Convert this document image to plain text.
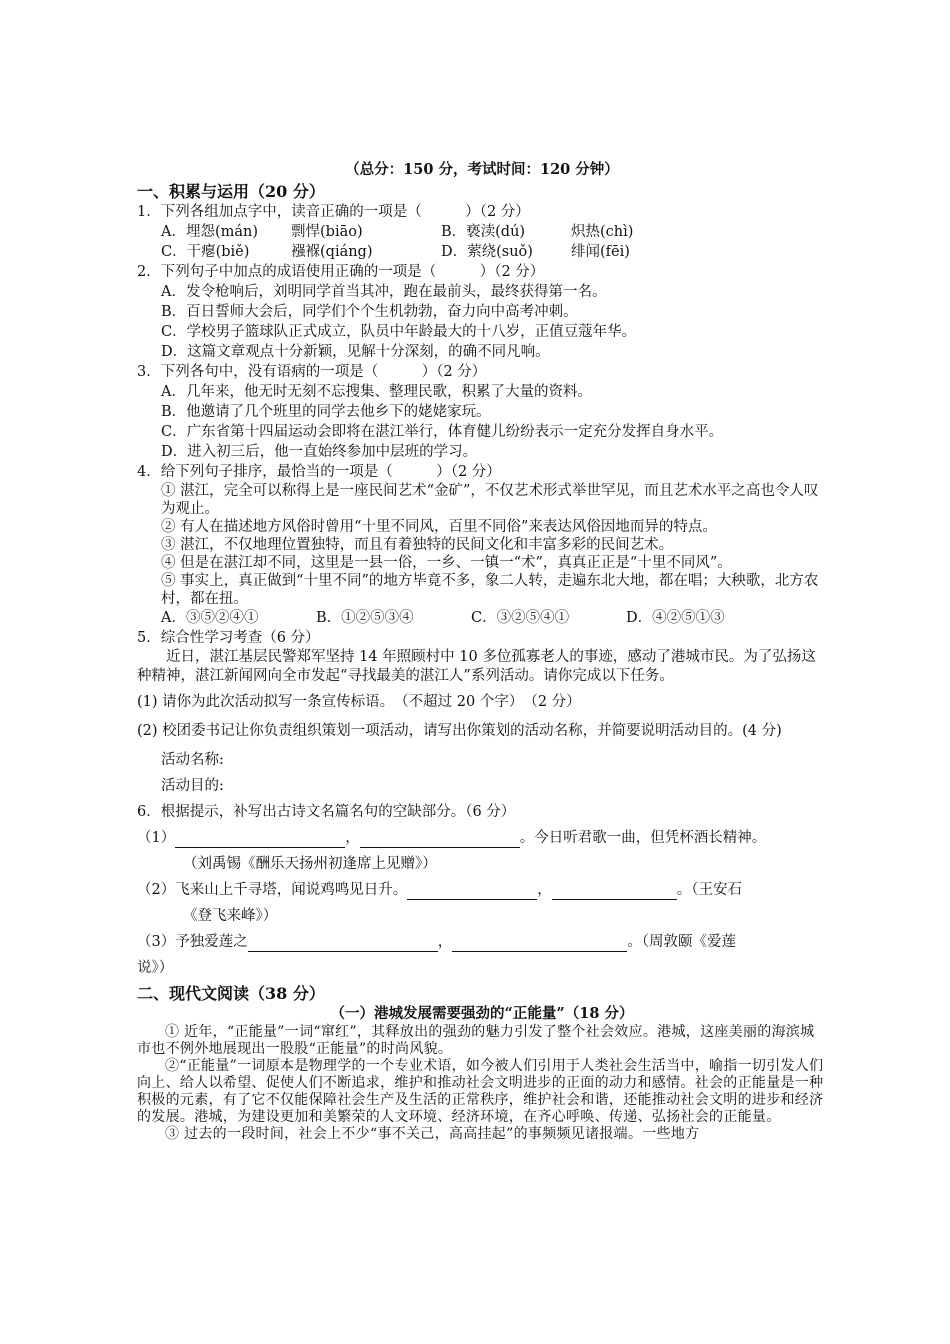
（总分：150 分，考试时间：120 分钟）
一、积累与运用（20 分）
1．下列各组加点字中，读音正确的一项是（　　　）（2 分）
A．埋怨(mán) 剽悍(biāo)	B．亵渎(dú)	炽热(chì)
C．干瘪(biě)	襁褓(qiáng)	D．萦绕(suǒ)	绯闻(fēi)
2．下列句子中加点的成语使用正确的一项是（　　　）（2 分）
A．发令枪响后，刘明同学首当其冲，跑在最前头，最终获得第一名。
B．百日誓师大会后，同学们个个生机勃勃，奋力向中高考冲刺。
C．学校男子篮球队正式成立，队员中年龄最大的十八岁，正值豆蔻年华。
D．这篇文章观点十分新颖，见解十分深刻，的确不同凡响。
3．下列各句中，没有语病的一项是（　　　）（2 分）
A．几年来，他无时无刻不忘搜集、整理民歌，积累了大量的资料。
B．他邀请了几个班里的同学去他乡下的姥姥家玩。
C．广东省第十四届运动会即将在湛江举行，体育健儿纷纷表示一定充分发挥自身水平。
D．进入初三后，他一直始终参加中层班的学习。
4．给下列句子排序，最恰当的一项是（　　　）（2 分）
① 湛江，完全可以称得上是一座民间艺术“金矿”，不仅艺术形式举世罕见，而且艺术水平之高也令人叹为观止。
② 有人在描述地方风俗时曾用“十里不同风，百里不同俗”来表达风俗因地而异的特点。
③ 湛江，不仅地理位置独特，而且有着独特的民间文化和丰富多彩的民间艺术。
④ 但是在湛江却不同，这里是一县一俗，一乡、一镇一“术”，真真正正是“十里不同风”。
⑤ 事实上，真正做到“十里不同”的地方毕竟不多，象二人转，走遍东北大地，都在唱；大秧歌，北方农村，都在扭。
A．③⑤②④①	B．①②⑤③④	C．③②⑤④①	D．④②⑤①③
5．综合性学习考查（6 分）
近日，湛江基层民警郑军坚持 14 年照顾村中 10 多位孤寡老人的事迹，感动了港城市民。为了弘扬这种精神，湛江新闻网向全市发起“寻找最美的湛江人”系列活动。请你完成以下任务。
(1) 请你为此次活动拟写一条宣传标语。　（不超过 20 个字）　（2 分）
(2) 校团委书记让你负责组织策划一项活动，请写出你策划的活动名称，并简要说明活动目的。(4 分)
活动名称:
活动目的:
6．根据提示，补写出古诗文名篇名句的空缺部分。（6 分）
（1）	，	。今日听君歌一曲，但凭杯酒长精神。
（刘禹锡《酬乐天扬州初逢席上见赠》）
（2）飞来山上千寻塔，闻说鸡鸣见日升。	，	。（王安石
《登飞来峰》）
（3）予独爱莲之	，	。（周敦颐《爱莲
说》）
二、现代文阅读（38 分）
（一）港城发展需要强劲的“正能量”（18 分）
① 近年，“正能量”一词“窜红”，其释放出的强劲的魅力引发了整个社会效应。港城，这座美丽的海滨城市也不例外地展现出一股股“正能量”的时尚风貌。
②“正能量”一词原本是物理学的一个专业术语，如今被人们引用于人类社会生活当中，喻指一切引发人们向上、给人以希望、促使人们不断追求，维护和推动社会文明进步的正面的动力和感情。社会的正能量是一种积极的元素，有了它不仅能保障社会生产及生活的正常秩序，维护社会和谐，还能推动社会文明的进步和经济的发展。港城，为建设更加和美繁荣的人文环境、经济环境，在齐心呼唤、传递、弘扬社会的正能量。
③ 过去的一段时间，社会上不少“事不关己，高高挂起”的事频频见诸报端。一些地方
